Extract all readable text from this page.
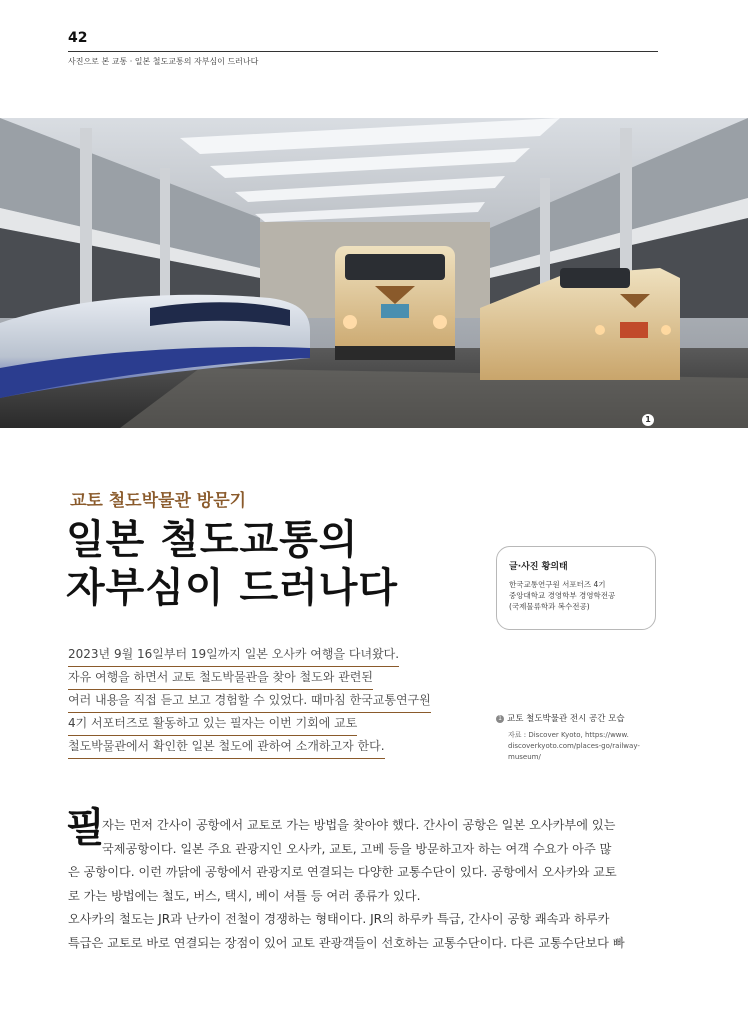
42
사진으로 본 교통 · 일본 철도교통의 자부심이 드러나다
1
교토 철도박물관 방문기
일본 철도교통의
자부심이 드러나다	글·사진 황의태
한국교통연구원 서포터즈 4기
중앙대학교 경영학부 경영학전공
(국제물류학과 복수전공)
2023년 9월 16일부터 19일까지 일본 오사카 여행을 다녀왔다.
자유 여행을 하면서 교토 철도박물관을 찾아 철도와 관련된
여러 내용을 직접 듣고 보고 경험할 수 있었다. 때마침 한국교통연구원
4기 서포터즈로 활동하고 있는 필자는 이번 기회에 교토
철도박물관에서 확인한 일본 철도에 관하여 소개하고자 한다.
1 교토 철도박물관 전시 공간 모습
자료 : Discover Kyoto, https://www.
discoverkyoto.com/places-go/railway-
museum/
필
자는 먼저 간사이 공항에서 교토로 가는 방법을 찾아야 했다. 간사이 공항은 일본 오사카부에 있는
국제공항이다. 일본 주요 관광지인 오사카, 교토, 고베 등을 방문하고자 하는 여객 수요가 아주 많
은 공항이다. 이런 까닭에 공항에서 관광지로 연결되는 다양한 교통수단이 있다. 공항에서 오사카와 교토
로 가는 방법에는 철도, 버스, 택시, 베이 셔틀 등 여러 종류가 있다.
오사카의 철도는 JR과 난카이 전철이 경쟁하는 형태이다. JR의 하루카 특급, 간사이 공항 쾌속과 하루카
특급은 교토로 바로 연결되는 장점이 있어 교토 관광객들이 선호하는 교통수단이다. 다른 교통수단보다 빠
